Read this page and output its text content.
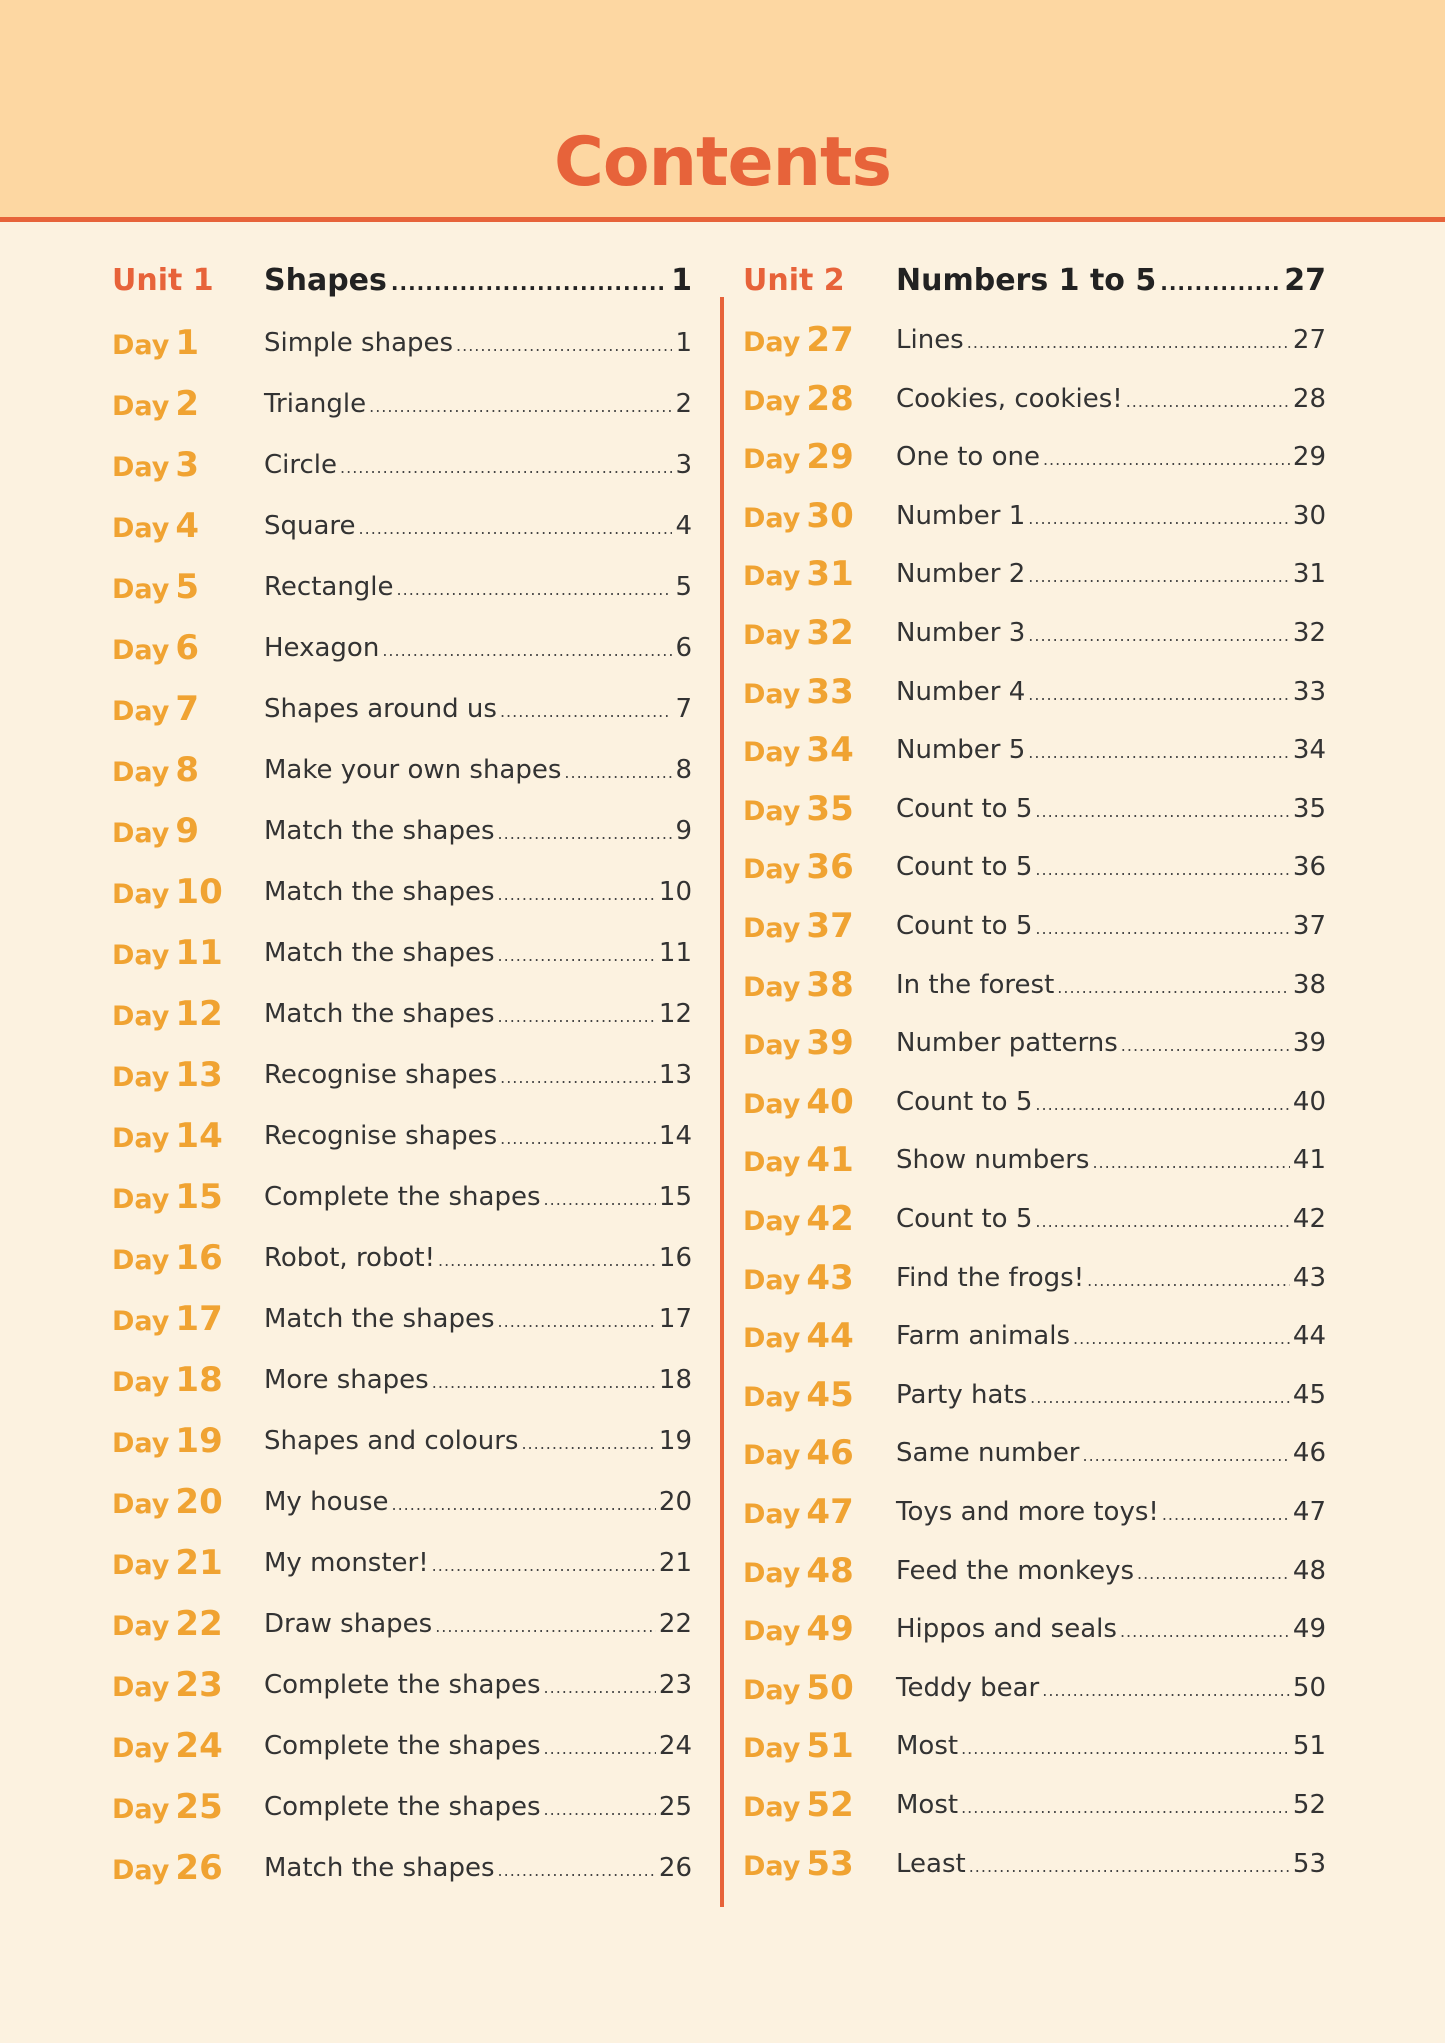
Contents
Unit 1 Shapes .....	1
Day 1 Simple shapes .....	1
Day 2 Triangle .....	2
Day 3 Circle .....	3
Day 4 Square .....	4
Day 5 Rectangle .....	5
Day 6 Hexagon .....	6
Day 7 Shapes around us .....	7
Day 8 Make your own shapes .....	8
Day 9 Match the shapes .....	9
Day 10 Match the shapes .....	10
Day 11 Match the shapes .....	11
Day 12 Match the shapes .....	12
Day 13 Recognise shapes .....	13
Day 14 Recognise shapes .....	14
Day 15 Complete the shapes .....	15
Day 16 Robot, robot! .....	16
Day 17 Match the shapes .....	17
Day 18 More shapes .....	18
Day 19 Shapes and colours .....	19
Day 20 My house .....	20
Day 21 My monster! .....	21
Day 22 Draw shapes .....	22
Day 23 Complete the shapes .....	23
Day 24 Complete the shapes .....	24
Day 25 Complete the shapes .....	25
Day 26 Match the shapes .....	26
Unit 2 Numbers 1 to 5 .....	27
Day 27 Lines .....	27
Day 28 Cookies, cookies! .....	28
Day 29 One to one .....	29
Day 30 Number 1 .....	30
Day 31 Number 2 .....	31
Day 32 Number 3 .....	32
Day 33 Number 4 .....	33
Day 34 Number 5 .....	34
Day 35 Count to 5 .....	35
Day 36 Count to 5 .....	36
Day 37 Count to 5 .....	37
Day 38 In the forest .....	38
Day 39 Number patterns .....	39
Day 40 Count to 5 .....	40
Day 41 Show numbers .....	41
Day 42 Count to 5 .....	42
Day 43 Find the frogs! .....	43
Day 44 Farm animals .....	44
Day 45 Party hats .....	45
Day 46 Same number .....	46
Day 47 Toys and more toys! .....	47
Day 48 Feed the monkeys .....	48
Day 49 Hippos and seals .....	49
Day 50 Teddy bear .....	50
Day 51 Most .....	51
Day 52 Most .....	52
Day 53 Least .....	53
